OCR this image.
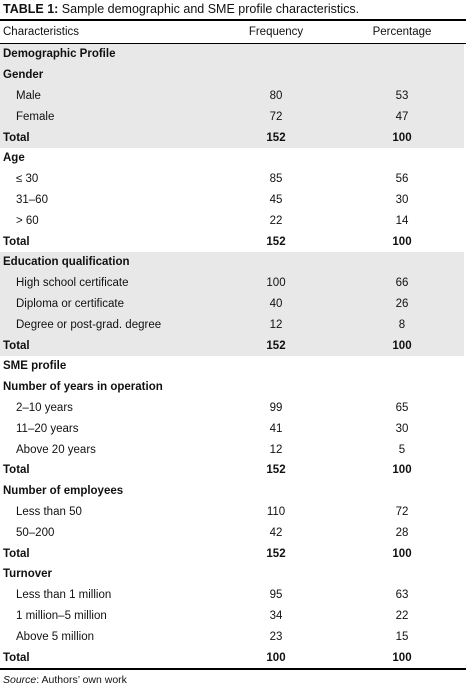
TABLE 1: Sample demographic and SME profile characteristics.
Characteristics	Frequency	Percentage
Demographic Profile		
Gender		
Male	80	53
Female	72	47
Total	152	100
Age		
≤ 30	85	56
31–60	45	30
> 60	22	14
Total	152	100
Education qualification		
High school certificate	100	66
Diploma or certificate	40	26
Degree or post-grad. degree	12	8
Total	152	100
SME profile		
Number of years in operation		
2–10 years	99	65
11–20 years	41	30
Above 20 years	12	5
Total	152	100
Number of employees		
Less than 50	110	72
50–200	42	28
Total	152	100
Turnover		
Less than 1 million	95	63
1 million–5 million	34	22
Above 5 million	23	15
Total	100	100
Source: Authors’ own work
